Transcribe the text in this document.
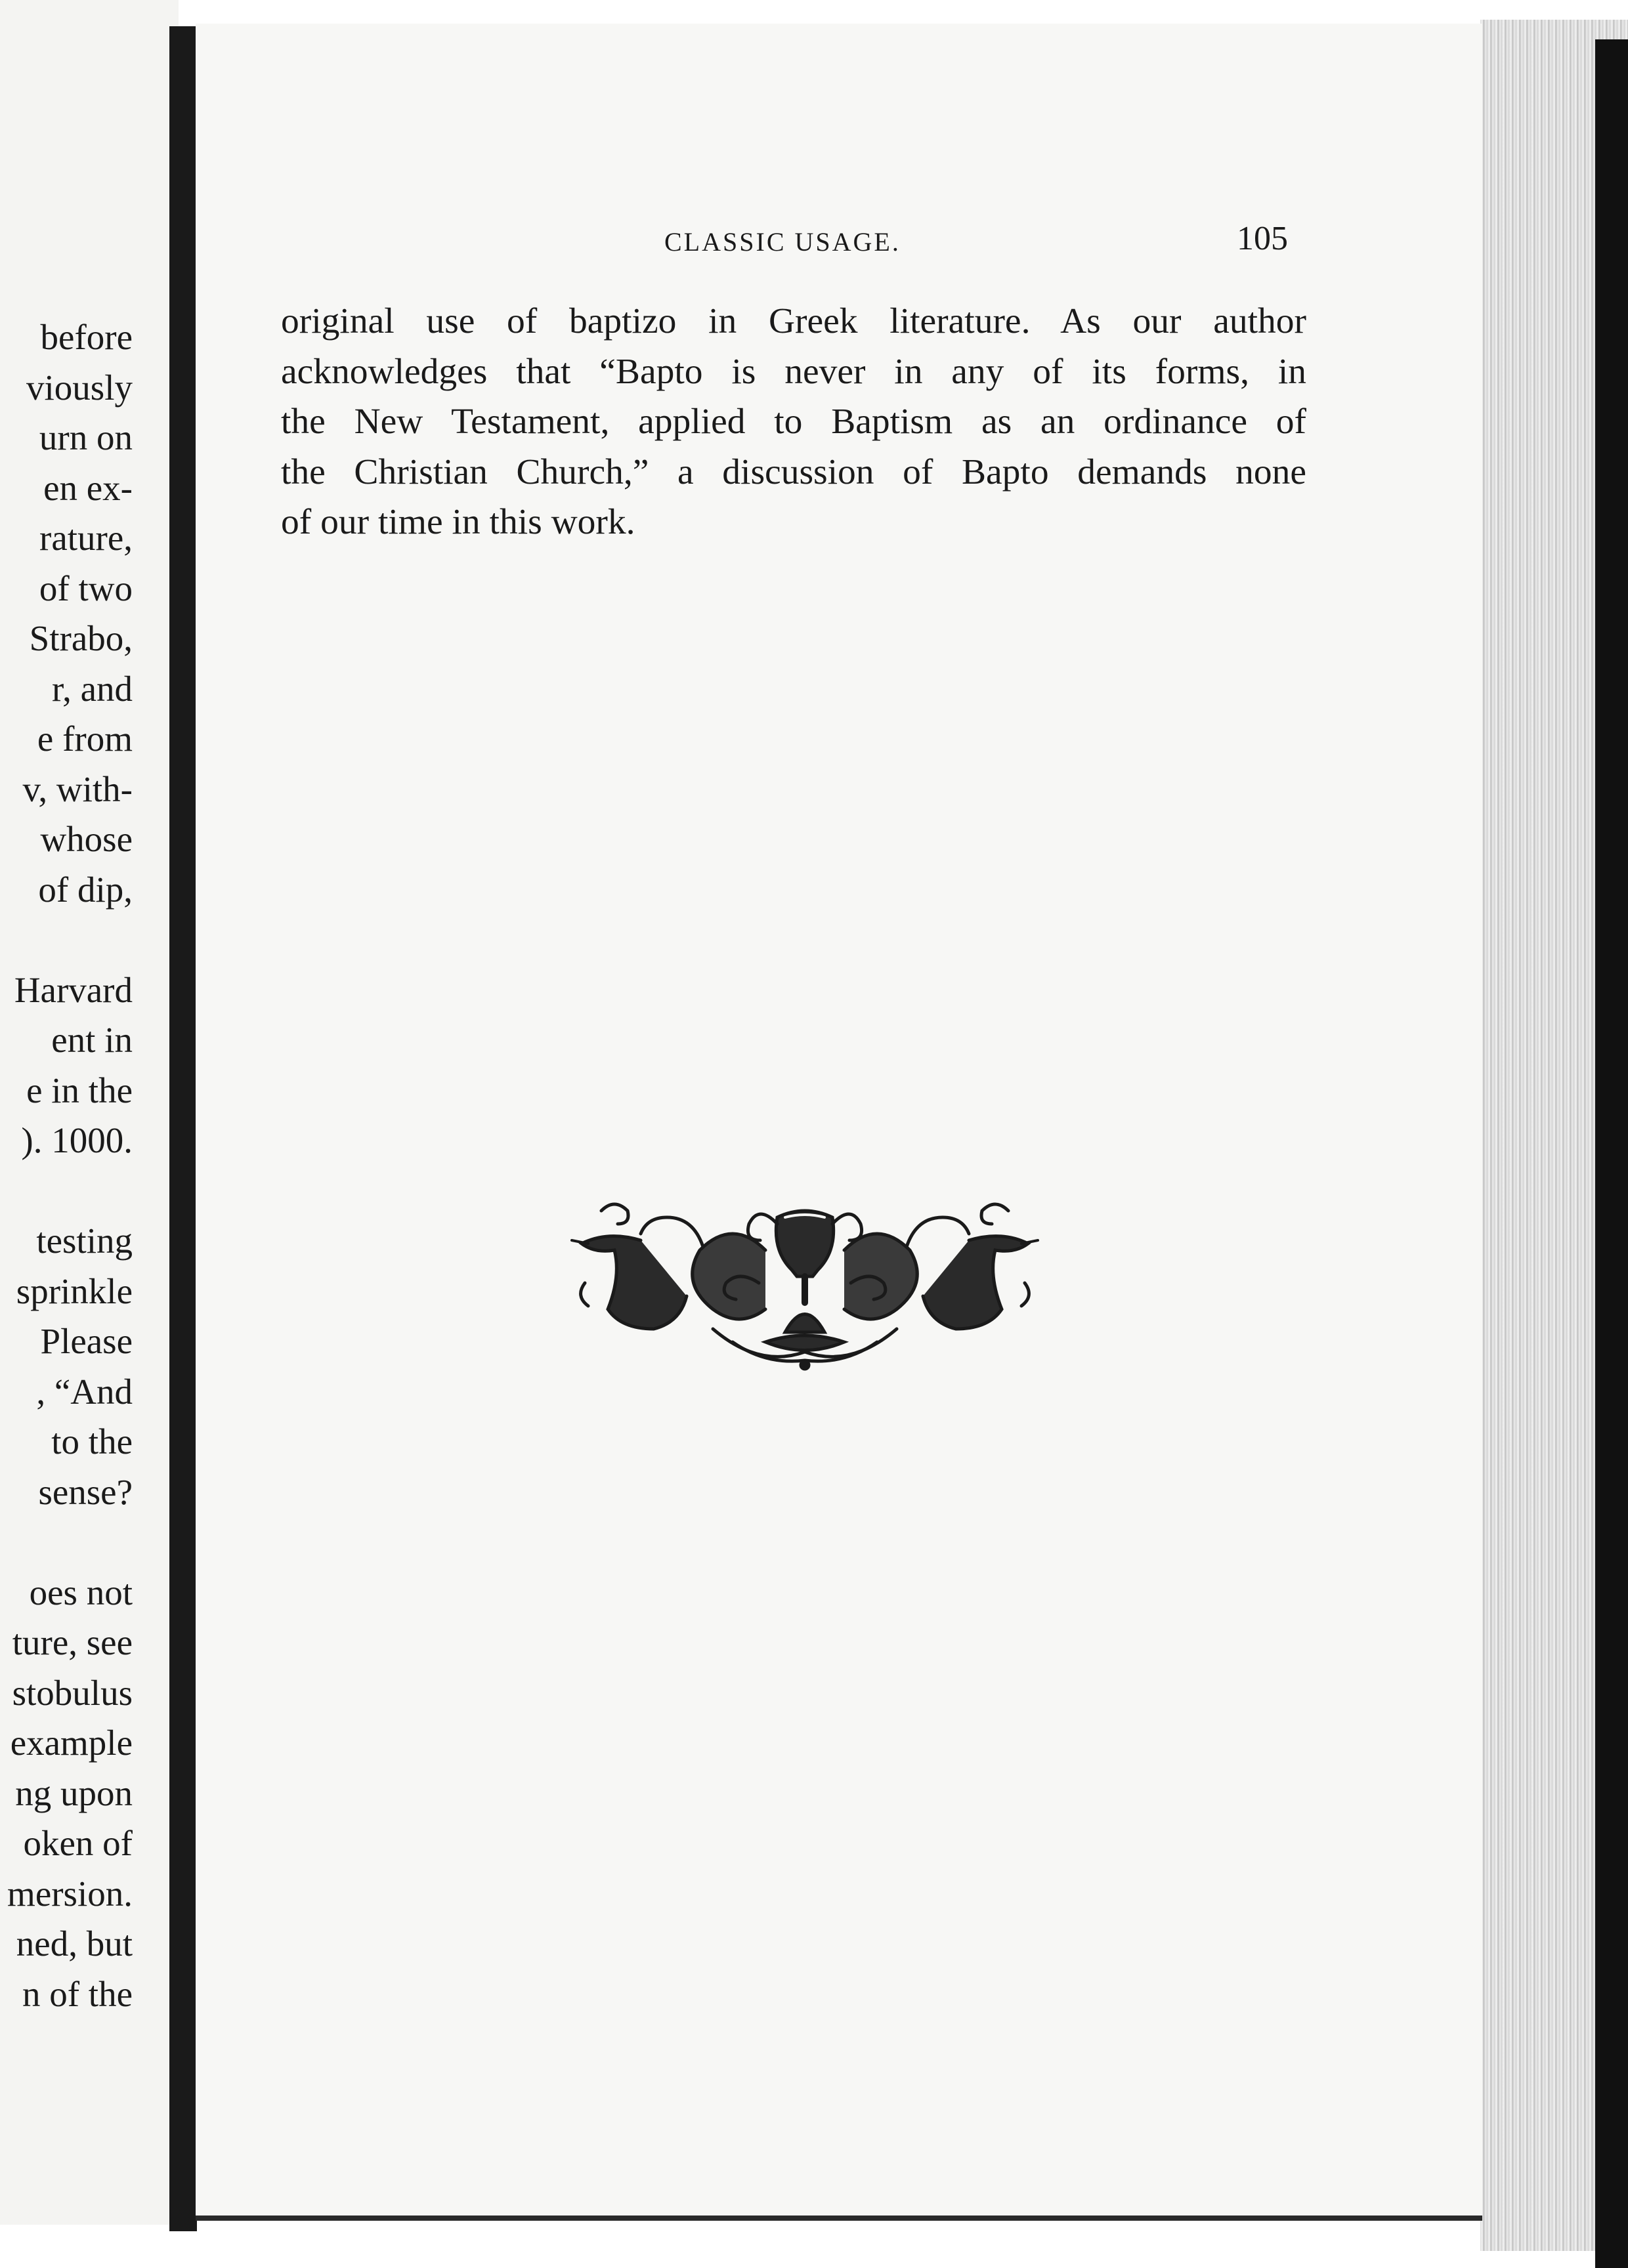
before
viously
urn on
en ex-
rature,
of two
Strabo,
r, and
e from
v, with-
whose
of dip,
Harvard
ent in
e in the
). 1000.
testing
sprinkle
Please
, “And
to the
sense?
oes not
ture, see
stobulus
example
ng upon
oken of
mersion.
ned, but
n of the
CLASSIC USAGE.	105
original use of baptizo in Greek literature. As our author
acknowledges that “Bapto is never in any of its forms, in
the New Testament, applied to Baptism as an ordinance of
the Christian Church,” a discussion of Bapto demands none
of our time in this work.
